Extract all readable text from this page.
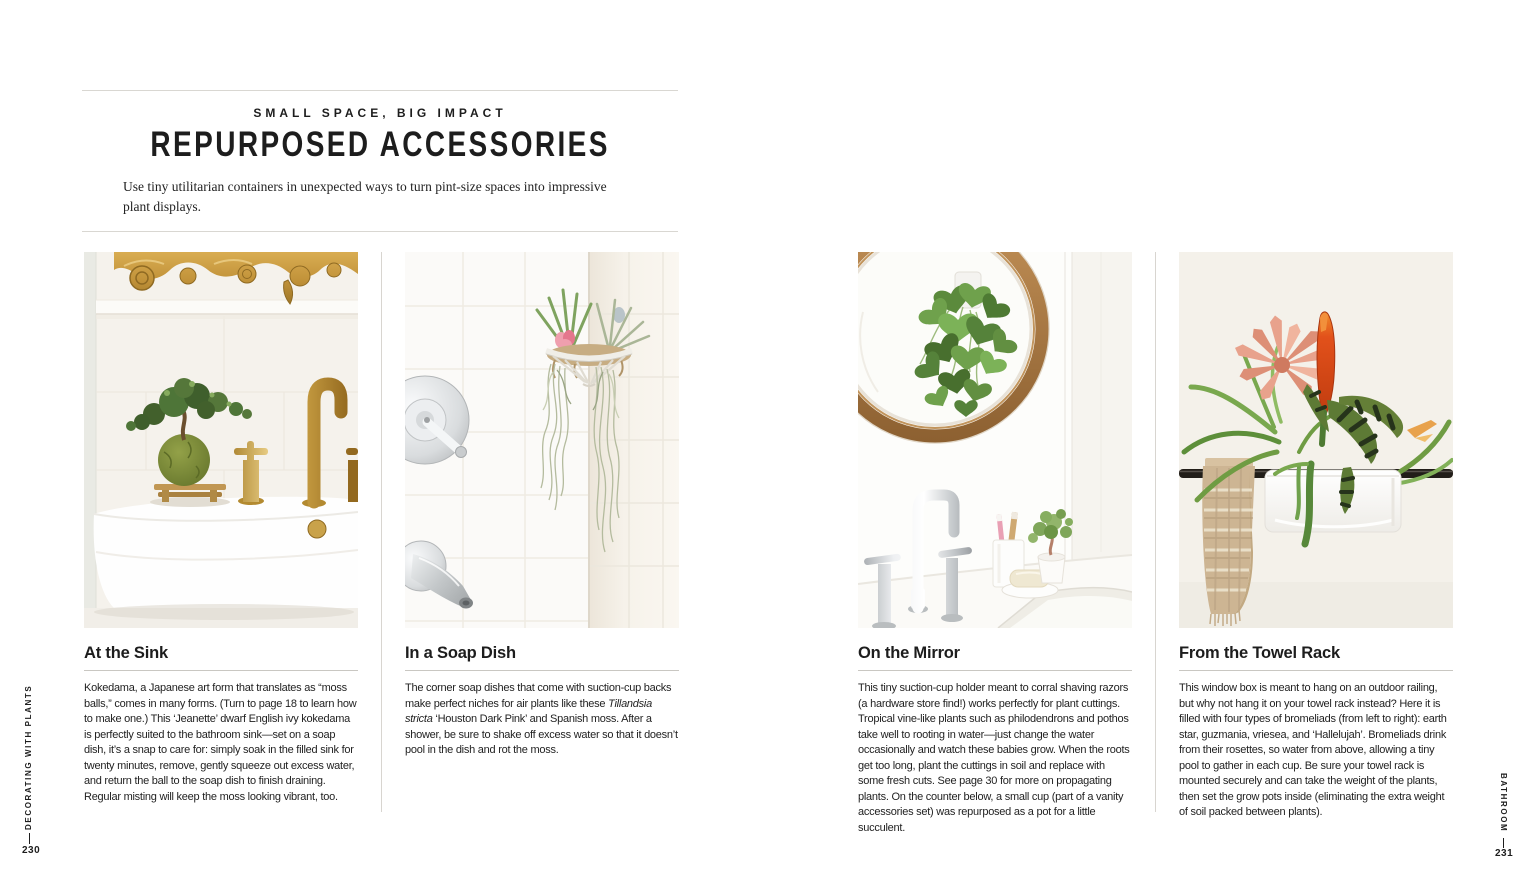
SMALL SPACE, BIG IMPACT
REPURPOSED ACCESSORIES
Use tiny utilitarian containers in unexpected ways to turn pint-size spaces into impressive plant displays.
At the Sink

Kokedama, a Japanese art form that translates as “moss balls,” comes in many forms. (Turn to page 18 to learn how to make one.) This ‘Jeanette’ dwarf English ivy kokedama is perfectly suited to the bathroom sink—set on a soap dish, it’s a snap to care for: simply soak in the filled sink for twenty minutes, remove, gently squeeze out excess water, and return the ball to the soap dish to finish draining. Regular misting will keep the moss looking vibrant, too.

In a Soap Dish

The corner soap dishes that come with suction-cup backs make perfect niches for air plants like these Tillandsia stricta ‘Houston Dark Pink’ and Spanish moss. After a shower, be sure to shake off excess water so that it doesn’t pool in the dish and rot the moss.

On the Mirror

This tiny suction-cup holder meant to corral shaving razors (a hardware store find!) works perfectly for plant cuttings. Tropical vine-like plants such as philodendrons and pothos take well to rooting in water—just change the water occasionally and watch these babies grow. When the roots get too long, plant the cuttings in soil and replace with some fresh cuts. See page 30 for more on propagating plants. On the counter below, a small cup (part of a vanity accessories set) was repurposed as a pot for a little succulent.

From the Towel Rack

This window box is meant to hang on an outdoor railing, but why not hang it on your towel rack instead? Here it is filled with four types of bromeliads (from left to right): earth star, guzmania, vriesea, and ‘Hallelujah’. Bromeliads drink from their rosettes, so water from above, allowing a tiny pool to gather in each cup. Be sure your towel rack is mounted securely and can take the weight of the plants, then set the grow pots inside (eliminating the extra weight of soil packed between plants).

DECORATING WITH PLANTS
230
BATHROOM
231
